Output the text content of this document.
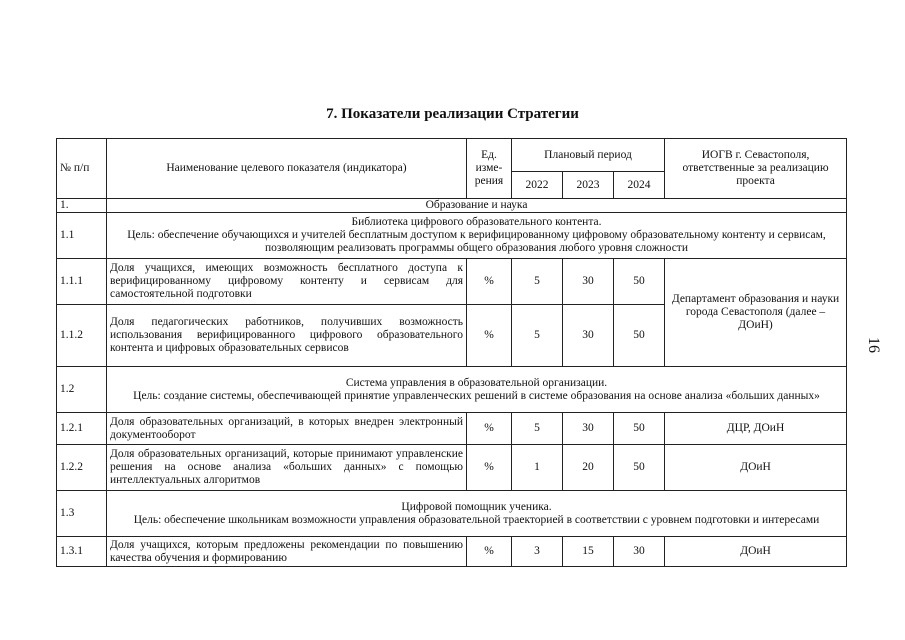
7. Показатели реализации Стратегии
16
№ п/п	Наименование целевого показателя (индикатора)	Ед. изме-рения	Плановый период			ИОГВ г. Севастополя, ответственные за реализацию проекта
			2022	2023	2024	
1.	Образование и наука					
1.1	Библиотека цифрового образовательного контента.
Цель: обеспечение обучающихся и учителей бесплатным доступом к верифицированному цифровому образовательному контенту и сервисам, позволяющим реализовать программы общего образования любого уровня сложности					

1.1.1	Доля учащихся, имеющих возможность бесплатного доступа к верифицированному цифровому контенту и сервисам для самостоятельной подготовки	%	5	30	50	Департамент образования и науки города Севастополя (далее – ДОиН)
1.1.2	Доля педагогических работников, получивших возможность использования верифицированного цифрового образовательного контента и цифровых образовательных сервисов	%	5	30	50	
1.2	Система управления в образовательной организации.
Цель: создание системы, обеспечивающей принятие управленческих решений в системе образования на основе анализа «больших данных»					

1.2.1	Доля образовательных организаций, в которых внедрен электронный документооборот	%	5	30	50	ДЦР, ДОиН
1.2.2	Доля образовательных организаций, которые принимают управленские решения на основе анализа «больших данных» с помощью интеллектуальных алгоритмов	%	1	20	50	ДОиН
1.3	Цифровой помощник ученика.
Цель: обеспечение школьникам возможности управления образовательной траекторией в соответствии с уровнем подготовки и интересами					

1.3.1	Доля учащихся, которым предложены рекомендации по повышению качества обучения и формированию	%	3	15	30	ДОиН
